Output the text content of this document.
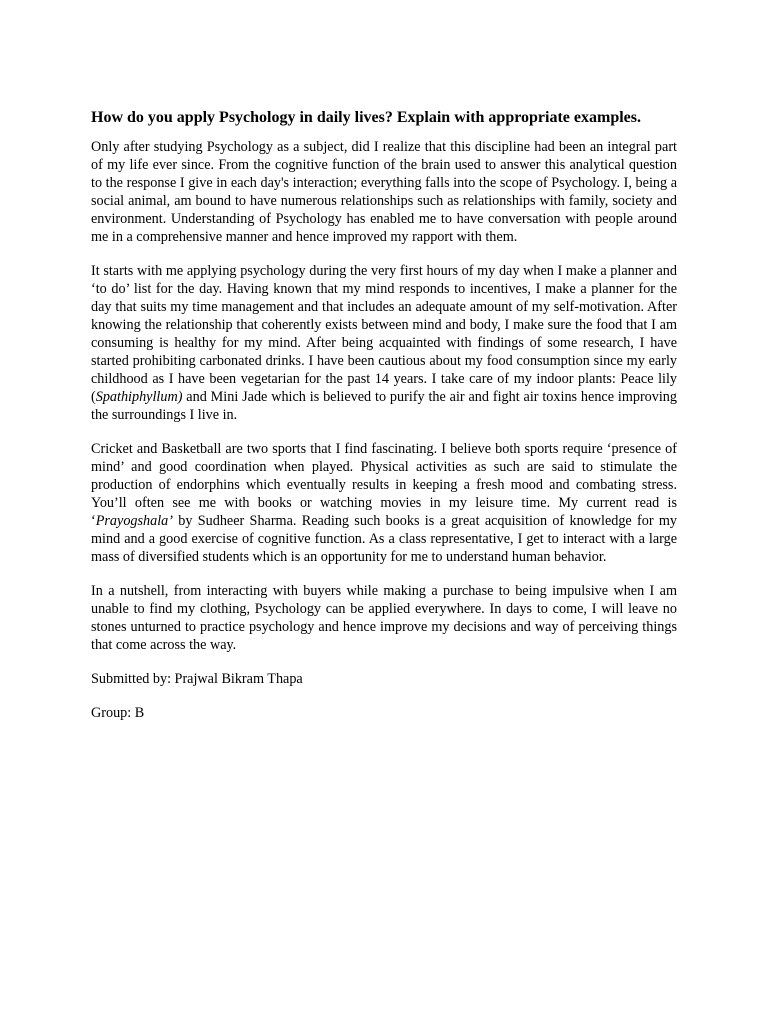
How do you apply Psychology in daily lives? Explain with appropriate examples.

Only after studying Psychology as a subject, did I realize that this discipline had been an integral part of my life ever since. From the cognitive function of the brain used to answer this analytical question to the response I give in each day's interaction; everything falls into the scope of Psychology. I, being a social animal, am bound to have numerous relationships such as relationships with family, society and environment. Understanding of Psychology has enabled me to have conversation with people around me in a comprehensive manner and hence improved my rapport with them.

It starts with me applying psychology during the very first hours of my day when I make a planner and ‘to do’ list for the day. Having known that my mind responds to incentives, I make a planner for the day that suits my time management and that includes an adequate amount of my self-motivation. After knowing the relationship that coherently exists between mind and body, I make sure the food that I am consuming is healthy for my mind. After being acquainted with findings of some research, I have started prohibiting carbonated drinks. I have been cautious about my food consumption since my early childhood as I have been vegetarian for the past 14 years. I take care of my indoor plants: Peace lily (Spathiphyllum) and Mini Jade which is believed to purify the air and fight air toxins hence improving the surroundings I live in.

Cricket and Basketball are two sports that I find fascinating. I believe both sports require ‘presence of mind’ and good coordination when played. Physical activities as such are said to stimulate the production of endorphins which eventually results in keeping a fresh mood and combating stress. You’ll often see me with books or watching movies in my leisure time. My current read is ‘Prayogshala’ by Sudheer Sharma. Reading such books is a great acquisition of knowledge for my mind and a good exercise of cognitive function. As a class representative, I get to interact with a large mass of diversified students which is an opportunity for me to understand human behavior.

In a nutshell, from interacting with buyers while making a purchase to being impulsive when I am unable to find my clothing, Psychology can be applied everywhere. In days to come, I will leave no stones unturned to practice psychology and hence improve my decisions and way of perceiving things that come across the way.

Submitted by: Prajwal Bikram Thapa

Group: B
